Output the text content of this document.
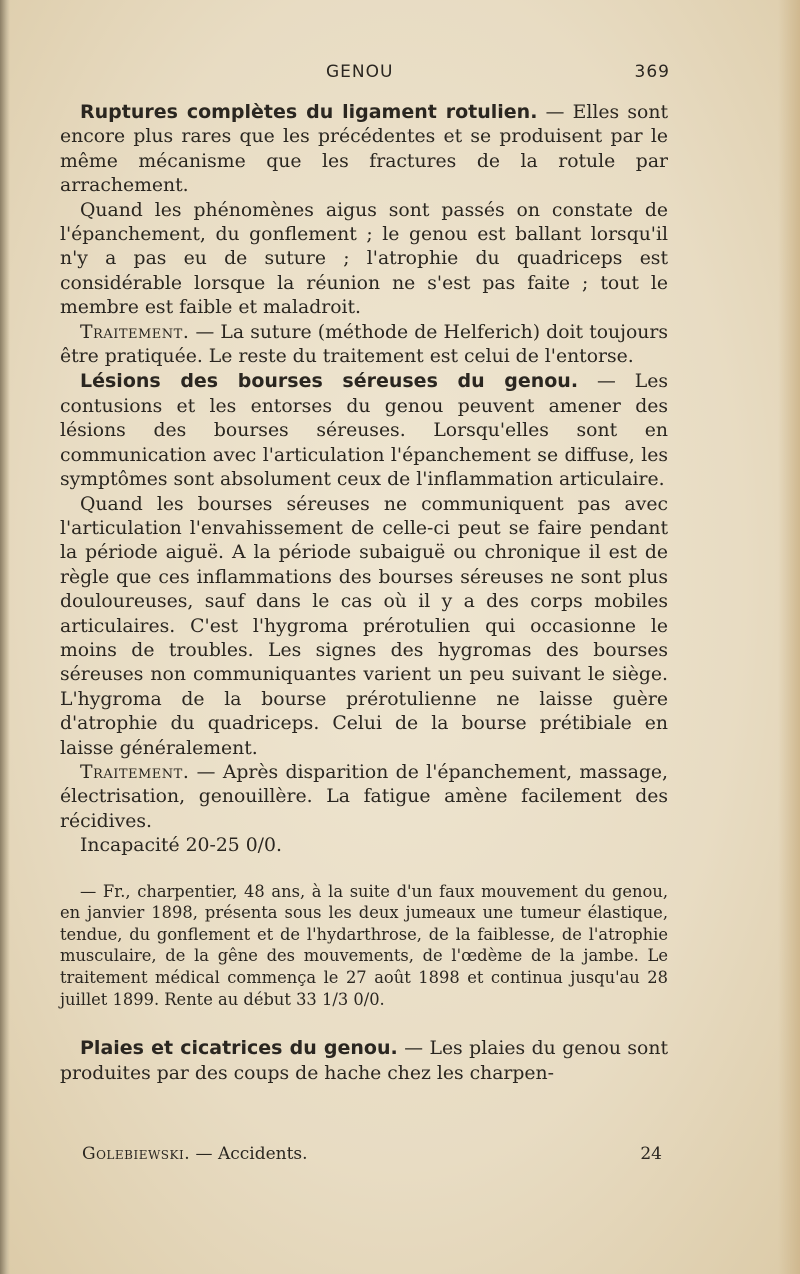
GENOU	369

Ruptures complètes du ligament rotulien. — Elles sont encore plus rares que les précédentes et se produisent par le même mécanisme que les fractures de la rotule par arrachement.

Quand les phénomènes aigus sont passés on constate de l'épanchement, du gonflement ; le genou est ballant lorsqu'il n'y a pas eu de suture ; l'atrophie du quadriceps est considérable lorsque la réunion ne s'est pas faite ; tout le membre est faible et maladroit.

Traitement. — La suture (méthode de Helferich) doit toujours être pratiquée. Le reste du traitement est celui de l'entorse.

Lésions des bourses séreuses du genou. — Les contusions et les entorses du genou peuvent amener des lésions des bourses séreuses. Lorsqu'elles sont en communication avec l'articulation l'épanchement se diffuse, les symptômes sont absolument ceux de l'inflammation articulaire.

Quand les bourses séreuses ne communiquent pas avec l'articulation l'envahissement de celle-ci peut se faire pendant la période aiguë. A la période subaiguë ou chronique il est de règle que ces inflammations des bourses séreuses ne sont plus douloureuses, sauf dans le cas où il y a des corps mobiles articulaires. C'est l'hygroma prérotulien qui occasionne le moins de troubles. Les signes des hygromas des bourses séreuses non communiquantes varient un peu suivant le siège. L'hygroma de la bourse prérotulienne ne laisse guère d'atrophie du quadriceps. Celui de la bourse prétibiale en laisse généralement.

Traitement. — Après disparition de l'épanchement, massage, électrisation, genouillère. La fatigue amène facilement des récidives.

Incapacité 20-25 0/0.

— Fr., charpentier, 48 ans, à la suite d'un faux mouvement du genou, en janvier 1898, présenta sous les deux jumeaux une tumeur élastique, tendue, du gonflement et de l'hydarthrose, de la faiblesse, de l'atrophie musculaire, de la gêne des mouvements, de l'œdème de la jambe. Le traitement médical commença le 27 août 1898 et continua jusqu'au 28 juillet 1899. Rente au début 33 1/3 0/0.

Plaies et cicatrices du genou. — Les plaies du genou sont produites par des coups de hache chez les charpen-

Golebiewski. — Accidents.	24
